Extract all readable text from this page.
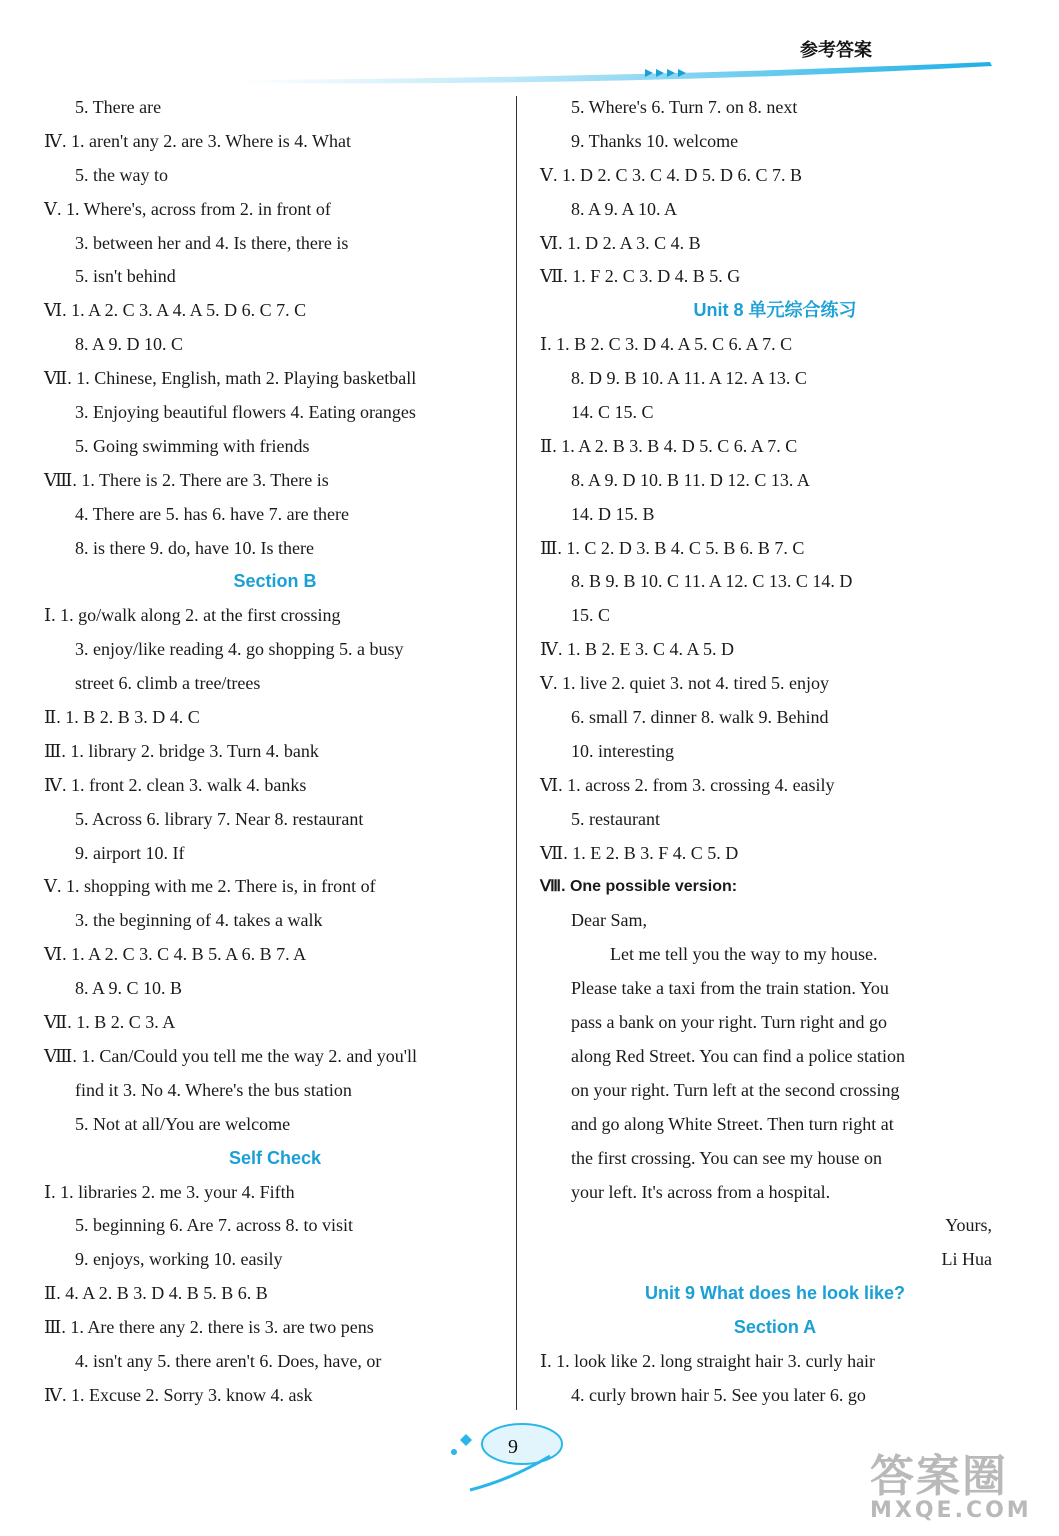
参考答案
5. There are
Ⅳ. 1. aren't any 2. are 3. Where is 4. What
5. the way to
Ⅴ. 1. Where's, across from 2. in front of
3. between her and 4. Is there, there is
5. isn't behind
Ⅵ. 1. A 2. C 3. A 4. A 5. D 6. C 7. C
8. A 9. D 10. C
Ⅶ. 1. Chinese, English, math 2. Playing basketball
3. Enjoying beautiful flowers 4. Eating oranges
5. Going swimming with friends
Ⅷ. 1. There is 2. There are 3. There is
4. There are 5. has 6. have 7. are there
8. is there 9. do, have 10. Is there
Section B
Ⅰ. 1. go/walk along 2. at the first crossing
3. enjoy/like reading 4. go shopping 5. a busy
street 6. climb a tree/trees
Ⅱ. 1. B 2. B 3. D 4. C
Ⅲ. 1. library 2. bridge 3. Turn 4. bank
Ⅳ. 1. front 2. clean 3. walk 4. banks
5. Across 6. library 7. Near 8. restaurant
9. airport 10. If
Ⅴ. 1. shopping with me 2. There is, in front of
3. the beginning of 4. takes a walk
Ⅵ. 1. A 2. C 3. C 4. B 5. A 6. B 7. A
8. A 9. C 10. B
Ⅶ. 1. B 2. C 3. A
Ⅷ. 1. Can/Could you tell me the way 2. and you'll
find it 3. No 4. Where's the bus station
5. Not at all/You are welcome
Self Check
Ⅰ. 1. libraries 2. me 3. your 4. Fifth
5. beginning 6. Are 7. across 8. to visit
9. enjoys, working 10. easily
Ⅱ. 4. A 2. B 3. D 4. B 5. B 6. B
Ⅲ. 1. Are there any 2. there is 3. are two pens
4. isn't any 5. there aren't 6. Does, have, or
Ⅳ. 1. Excuse 2. Sorry 3. know 4. ask
5. Where's 6. Turn 7. on 8. next
9. Thanks 10. welcome
Ⅴ. 1. D 2. C 3. C 4. D 5. D 6. C 7. B
8. A 9. A 10. A
Ⅵ. 1. D 2. A 3. C 4. B
Ⅶ. 1. F 2. C 3. D 4. B 5. G
Unit 8 单元综合练习
Ⅰ. 1. B 2. C 3. D 4. A 5. C 6. A 7. C
8. D 9. B 10. A 11. A 12. A 13. C
14. C 15. C
Ⅱ. 1. A 2. B 3. B 4. D 5. C 6. A 7. C
8. A 9. D 10. B 11. D 12. C 13. A
14. D 15. B
Ⅲ. 1. C 2. D 3. B 4. C 5. B 6. B 7. C
8. B 9. B 10. C 11. A 12. C 13. C 14. D
15. C
Ⅳ. 1. B 2. E 3. C 4. A 5. D
Ⅴ. 1. live 2. quiet 3. not 4. tired 5. enjoy
6. small 7. dinner 8. walk 9. Behind
10. interesting
Ⅵ. 1. across 2. from 3. crossing 4. easily
5. restaurant
Ⅶ. 1. E 2. B 3. F 4. C 5. D
Ⅷ. One possible version:
Dear Sam,
Let me tell you the way to my house.
Please take a taxi from the train station. You
pass a bank on your right. Turn right and go
along Red Street. You can find a police station
on your right. Turn left at the second crossing
and go along White Street. Then turn right at
the first crossing. You can see my house on
your left. It's across from a hospital.
Yours,
Li Hua
Unit 9 What does he look like?
Section A
Ⅰ. 1. look like 2. long straight hair 3. curly hair
4. curly brown hair 5. See you later 6. go
9
答案圈
MXQE.COM
